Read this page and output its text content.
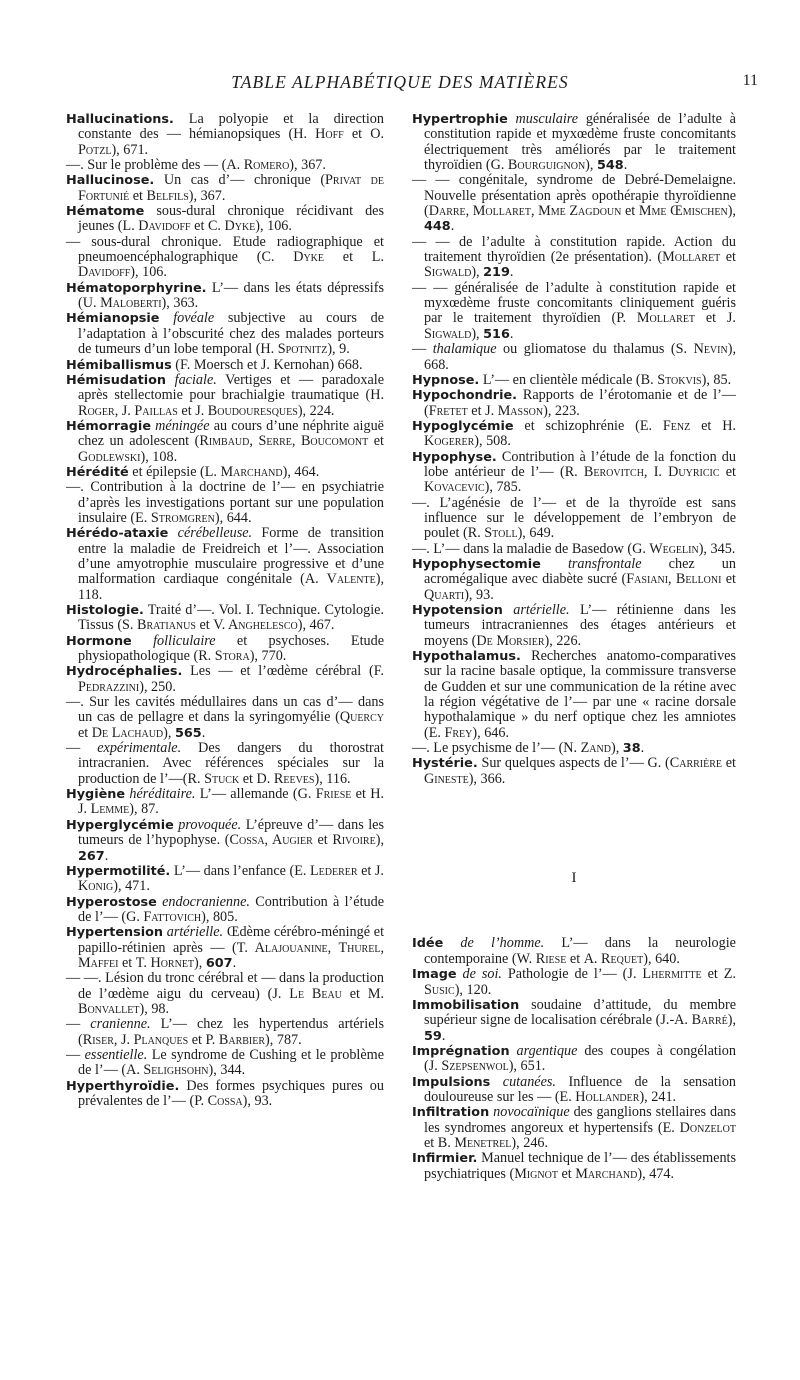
TABLE ALPHABÉTIQUE DES MATIÈRES	11

Hallucinations. La polyopie et la direction constante des — hémianopsiques (H. Hoff et O. Potzl), 671.

—. Sur le problème des — (A. Romero), 367.

Hallucinose. Un cas d’— chronique (Privat de Fortunié et Belfils), 367.

Hématome sous-dural chronique récidivant des jeunes (L. Davidoff et C. Dyke), 106.

— sous-dural chronique. Etude radiographique et pneumoencéphalographique (C. Dyke et L. Davidoff), 106.

Hématoporphyrine. L’— dans les états dépressifs (U. Maloberti), 363.

Hémianopsie fovéale subjective au cours de l’adaptation à l’obscurité chez des malades porteurs de tumeurs d’un lobe temporal (H. Spotnitz), 9.

Hémiballismus (F. Moersch et J. Kernohan) 668.

Hémisudation faciale. Vertiges et — paradoxale après stellectomie pour brachialgie traumatique (H. Roger, J. Paillas et J. Boudouresques), 224.

Hémorragie méningée au cours d’une néphrite aiguë chez un adolescent (Rimbaud, Serre, Boucomont et Godlewski), 108.

Hérédité et épilepsie (L. Marchand), 464.

—. Contribution à la doctrine de l’— en psychiatrie d’après les investigations portant sur une population insulaire (E. Stromgren), 644.

Hérédo-ataxie cérébelleuse. Forme de transition entre la maladie de Freidreich et l’—. Association d’une amyotrophie musculaire progressive et d’une malformation cardiaque congénitale (A. Valente), 118.

Histologie. Traité d’—. Vol. I. Technique. Cytologie. Tissus (S. Bratianus et V. Anghelesco), 467.

Hormone folliculaire et psychoses. Etude physiopathologique (R. Stora), 770.

Hydrocéphalies. Les — et l’œdème cérébral (F. Pedrazzini), 250.

—. Sur les cavités médullaires dans un cas d’— dans un cas de pellagre et dans la syringomyélie (Quercy et De Lachaud), 565.

— expérimentale. Des dangers du thorostrat intracranien. Avec références spéciales sur la production de l’—(R. Stuck et D. Reeves), 116.

Hygiène héréditaire. L’— allemande (G. Friese et H. J. Lemme), 87.

Hyperglycémie provoquée. L’épreuve d’— dans les tumeurs de l’hypophyse. (Cossa, Augier et Rivoire), 267.

Hypermotilité. L’— dans l’enfance (E. Lederer et J. Konig), 471.

Hyperostose endocranienne. Contribution à l’étude de l’— (G. Fattovich), 805.

Hypertension artérielle. Œdème cérébro-méningé et papillo-rétinien après — (T. Alajouanine, Thurel, Maffei et T. Hornet), 607.

— —. Lésion du tronc cérébral et — dans la production de l’œdème aigu du cerveau) (J. Le Beau et M. Bonvallet), 98.

— cranienne. L’— chez les hypertendus artériels (Riser, J. Planques et P. Barbier), 787.

— essentielle. Le syndrome de Cushing et le problème de l’— (A. Selighsohn), 344.

Hyperthyroïdie. Des formes psychiques pures ou prévalentes de l’— (P. Cossa), 93.

Hypertrophie musculaire généralisée de l’adulte à constitution rapide et myxœdème fruste concomitants électriquement très améliorés par le traitement thyroïdien (G. Bourguignon), 548.

— — congénitale, syndrome de Debré-Demelaigne. Nouvelle présentation après opothérapie thyroïdienne (Darre, Mollaret, Mme Zagdoun et Mme Œmischen), 448.

— — de l’adulte à constitution rapide. Action du traitement thyroïdien (2e présentation). (Mollaret et Sigwald), 219.

— — généralisée de l’adulte à constitution rapide et myxœdème fruste concomitants cliniquement guéris par le traitement thyroïdien (P. Mollaret et J. Sigwald), 516.

— thalamique ou gliomatose du thalamus (S. Nevin), 668.

Hypnose. L’— en clientèle médicale (B. Stokvis), 85.

Hypochondrie. Rapports de l’érotomanie et de l’— (Fretet et J. Masson), 223.

Hypoglycémie et schizophrénie (E. Fenz et H. Kogerer), 508.

Hypophyse. Contribution à l’étude de la fonction du lobe antérieur de l’— (R. Berovitch, I. Duyricic et Kovacevic), 785.

—. L’agénésie de l’— et de la thyroïde est sans influence sur le développement de l’embryon de poulet (R. Stoll), 649.

—. L’— dans la maladie de Basedow (G. Wegelin), 345.

Hypophysectomie transfrontale chez un acromégalique avec diabète sucré (Fasiani, Belloni et Quarti), 93.

Hypotension artérielle. L’— rétinienne dans les tumeurs intracraniennes des étages antérieurs et moyens (De Morsier), 226.

Hypothalamus. Recherches anatomo-comparatives sur la racine basale optique, la commissure transverse de Gudden et sur une communication de la rétine avec la région végétative de l’— par une « racine dorsale hypothalamique » du nerf optique chez les amniotes (E. Frey), 646.

—. Le psychisme de l’— (N. Zand), 38.

Hystérie. Sur quelques aspects de l’— G. (Carrière et Gineste), 366.

I

Idée de l’homme. L’— dans la neurologie contemporaine (W. Riese et A. Requet), 640.

Image de soi. Pathologie de l’— (J. Lhermitte et Z. Susic), 120.

Immobilisation soudaine d’attitude, du membre supérieur signe de localisation cérébrale (J.-A. Barré), 59.

Imprégnation argentique des coupes à congélation (J. Szepsenwol), 651.

Impulsions cutanées. Influence de la sensation douloureuse sur les — (E. Hollander), 241.

Infiltration novocaïnique des ganglions stellaires dans les syndromes angoreux et hypertensifs (E. Donzelot et B. Menetrel), 246.

Infirmier. Manuel technique de l’— des établissements psychiatriques (Mignot et Marchand), 474.
